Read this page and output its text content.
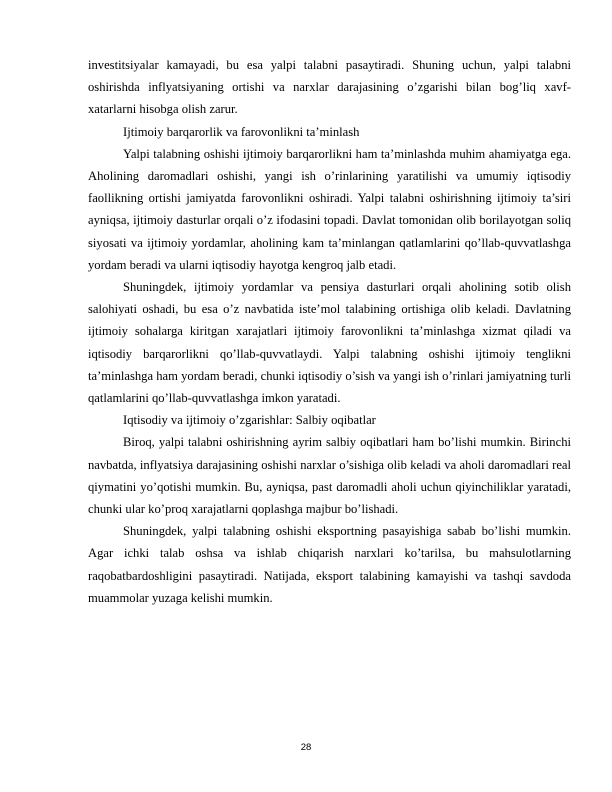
investitsiyalar kamayadi, bu esa yalpi talabni pasaytiradi. Shuning uchun, yalpi talabni oshirishda inflyatsiyaning ortishi va narxlar darajasining o’zgarishi bilan bog’liq xavf-xatarlarni hisobga olish zarur.

Ijtimoiy barqarorlik va farovonlikni ta’minlash

Yalpi talabning oshishi ijtimoiy barqarorlikni ham ta’minlashda muhim ahamiyatga ega. Aholining daromadlari oshishi, yangi ish o’rinlarining yaratilishi va umumiy iqtisodiy faollikning ortishi jamiyatda farovonlikni oshiradi. Yalpi talabni oshirishning ijtimoiy ta’siri ayniqsa, ijtimoiy dasturlar orqali o’z ifodasini topadi. Davlat tomonidan olib borilayotgan soliq siyosati va ijtimoiy yordamlar, aholining kam ta’minlangan qatlamlarini qo’llab-quvvatlashga yordam beradi va ularni iqtisodiy hayotga kengroq jalb etadi.

Shuningdek, ijtimoiy yordamlar va pensiya dasturlari orqali aholining sotib olish salohiyati oshadi, bu esa o’z navbatida iste’mol talabining ortishiga olib keladi. Davlatning ijtimoiy sohalarga kiritgan xarajatlari ijtimoiy farovonlikni ta’minlashga xizmat qiladi va iqtisodiy barqarorlikni qo’llab-quvvatlaydi. Yalpi talabning oshishi ijtimoiy tenglikni ta’minlashga ham yordam beradi, chunki iqtisodiy o’sish va yangi ish o’rinlari jamiyatning turli qatlamlarini qo’llab-quvvatlashga imkon yaratadi.

Iqtisodiy va ijtimoiy o’zgarishlar: Salbiy oqibatlar

Biroq, yalpi talabni oshirishning ayrim salbiy oqibatlari ham bo’lishi mumkin. Birinchi navbatda, inflyatsiya darajasining oshishi narxlar o’sishiga olib keladi va aholi daromadlari real qiymatini yo’qotishi mumkin. Bu, ayniqsa, past daromadli aholi uchun qiyinchiliklar yaratadi, chunki ular ko’proq xarajatlarni qoplashga majbur bo’lishadi.

Shuningdek, yalpi talabning oshishi eksportning pasayishiga sabab bo’lishi mumkin. Agar ichki talab oshsa va ishlab chiqarish narxlari ko’tarilsa, bu mahsulotlarning raqobatbardoshligini pasaytiradi. Natijada, eksport talabining kamayishi va tashqi savdoda muammolar yuzaga kelishi mumkin.

28
